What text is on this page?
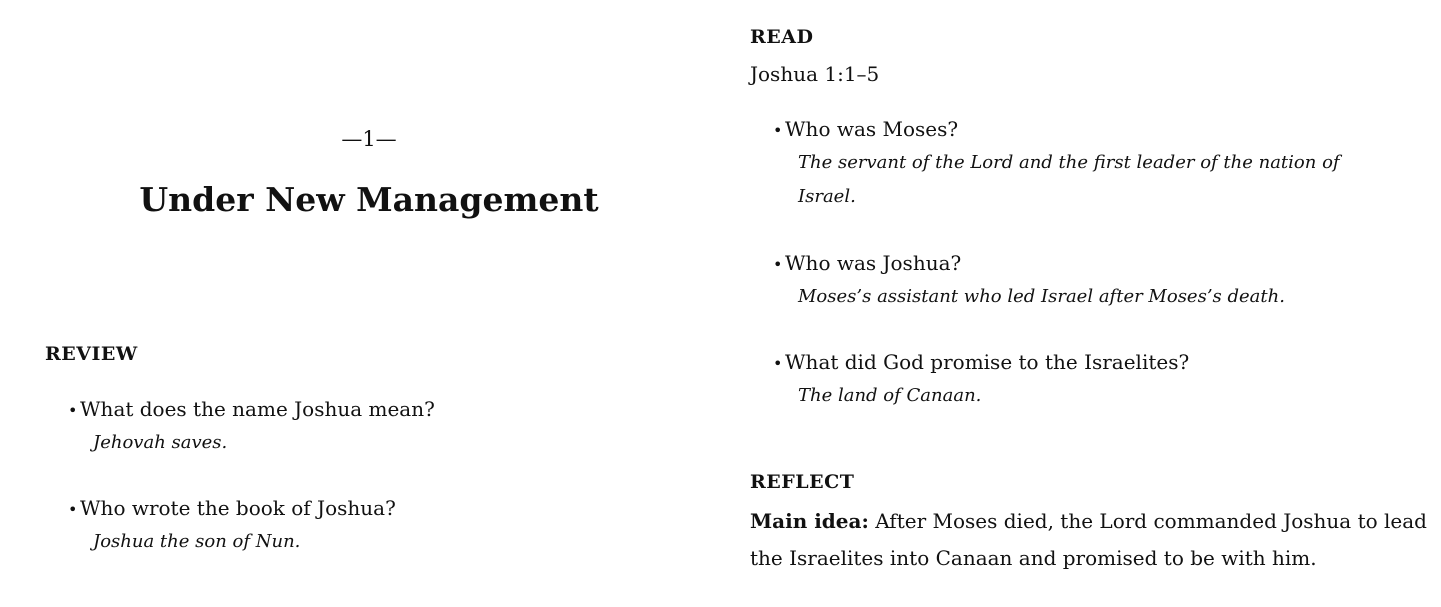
—1—
Under New Management
REVIEW
• What does the name Joshua mean?
Jehovah saves.
• Who wrote the book of Joshua?
Joshua the son of Nun.
READ
Joshua 1:1–5
• Who was Moses?
The servant of the Lord and the first leader of the nation of Israel.
• Who was Joshua?
Moses’s assistant who led Israel after Moses’s death.
• What did God promise to the Israelites?
The land of Canaan.
REFLECT

Main idea: After Moses died, the Lord commanded Joshua to lead the Israelites into Canaan and promised to be with him.
